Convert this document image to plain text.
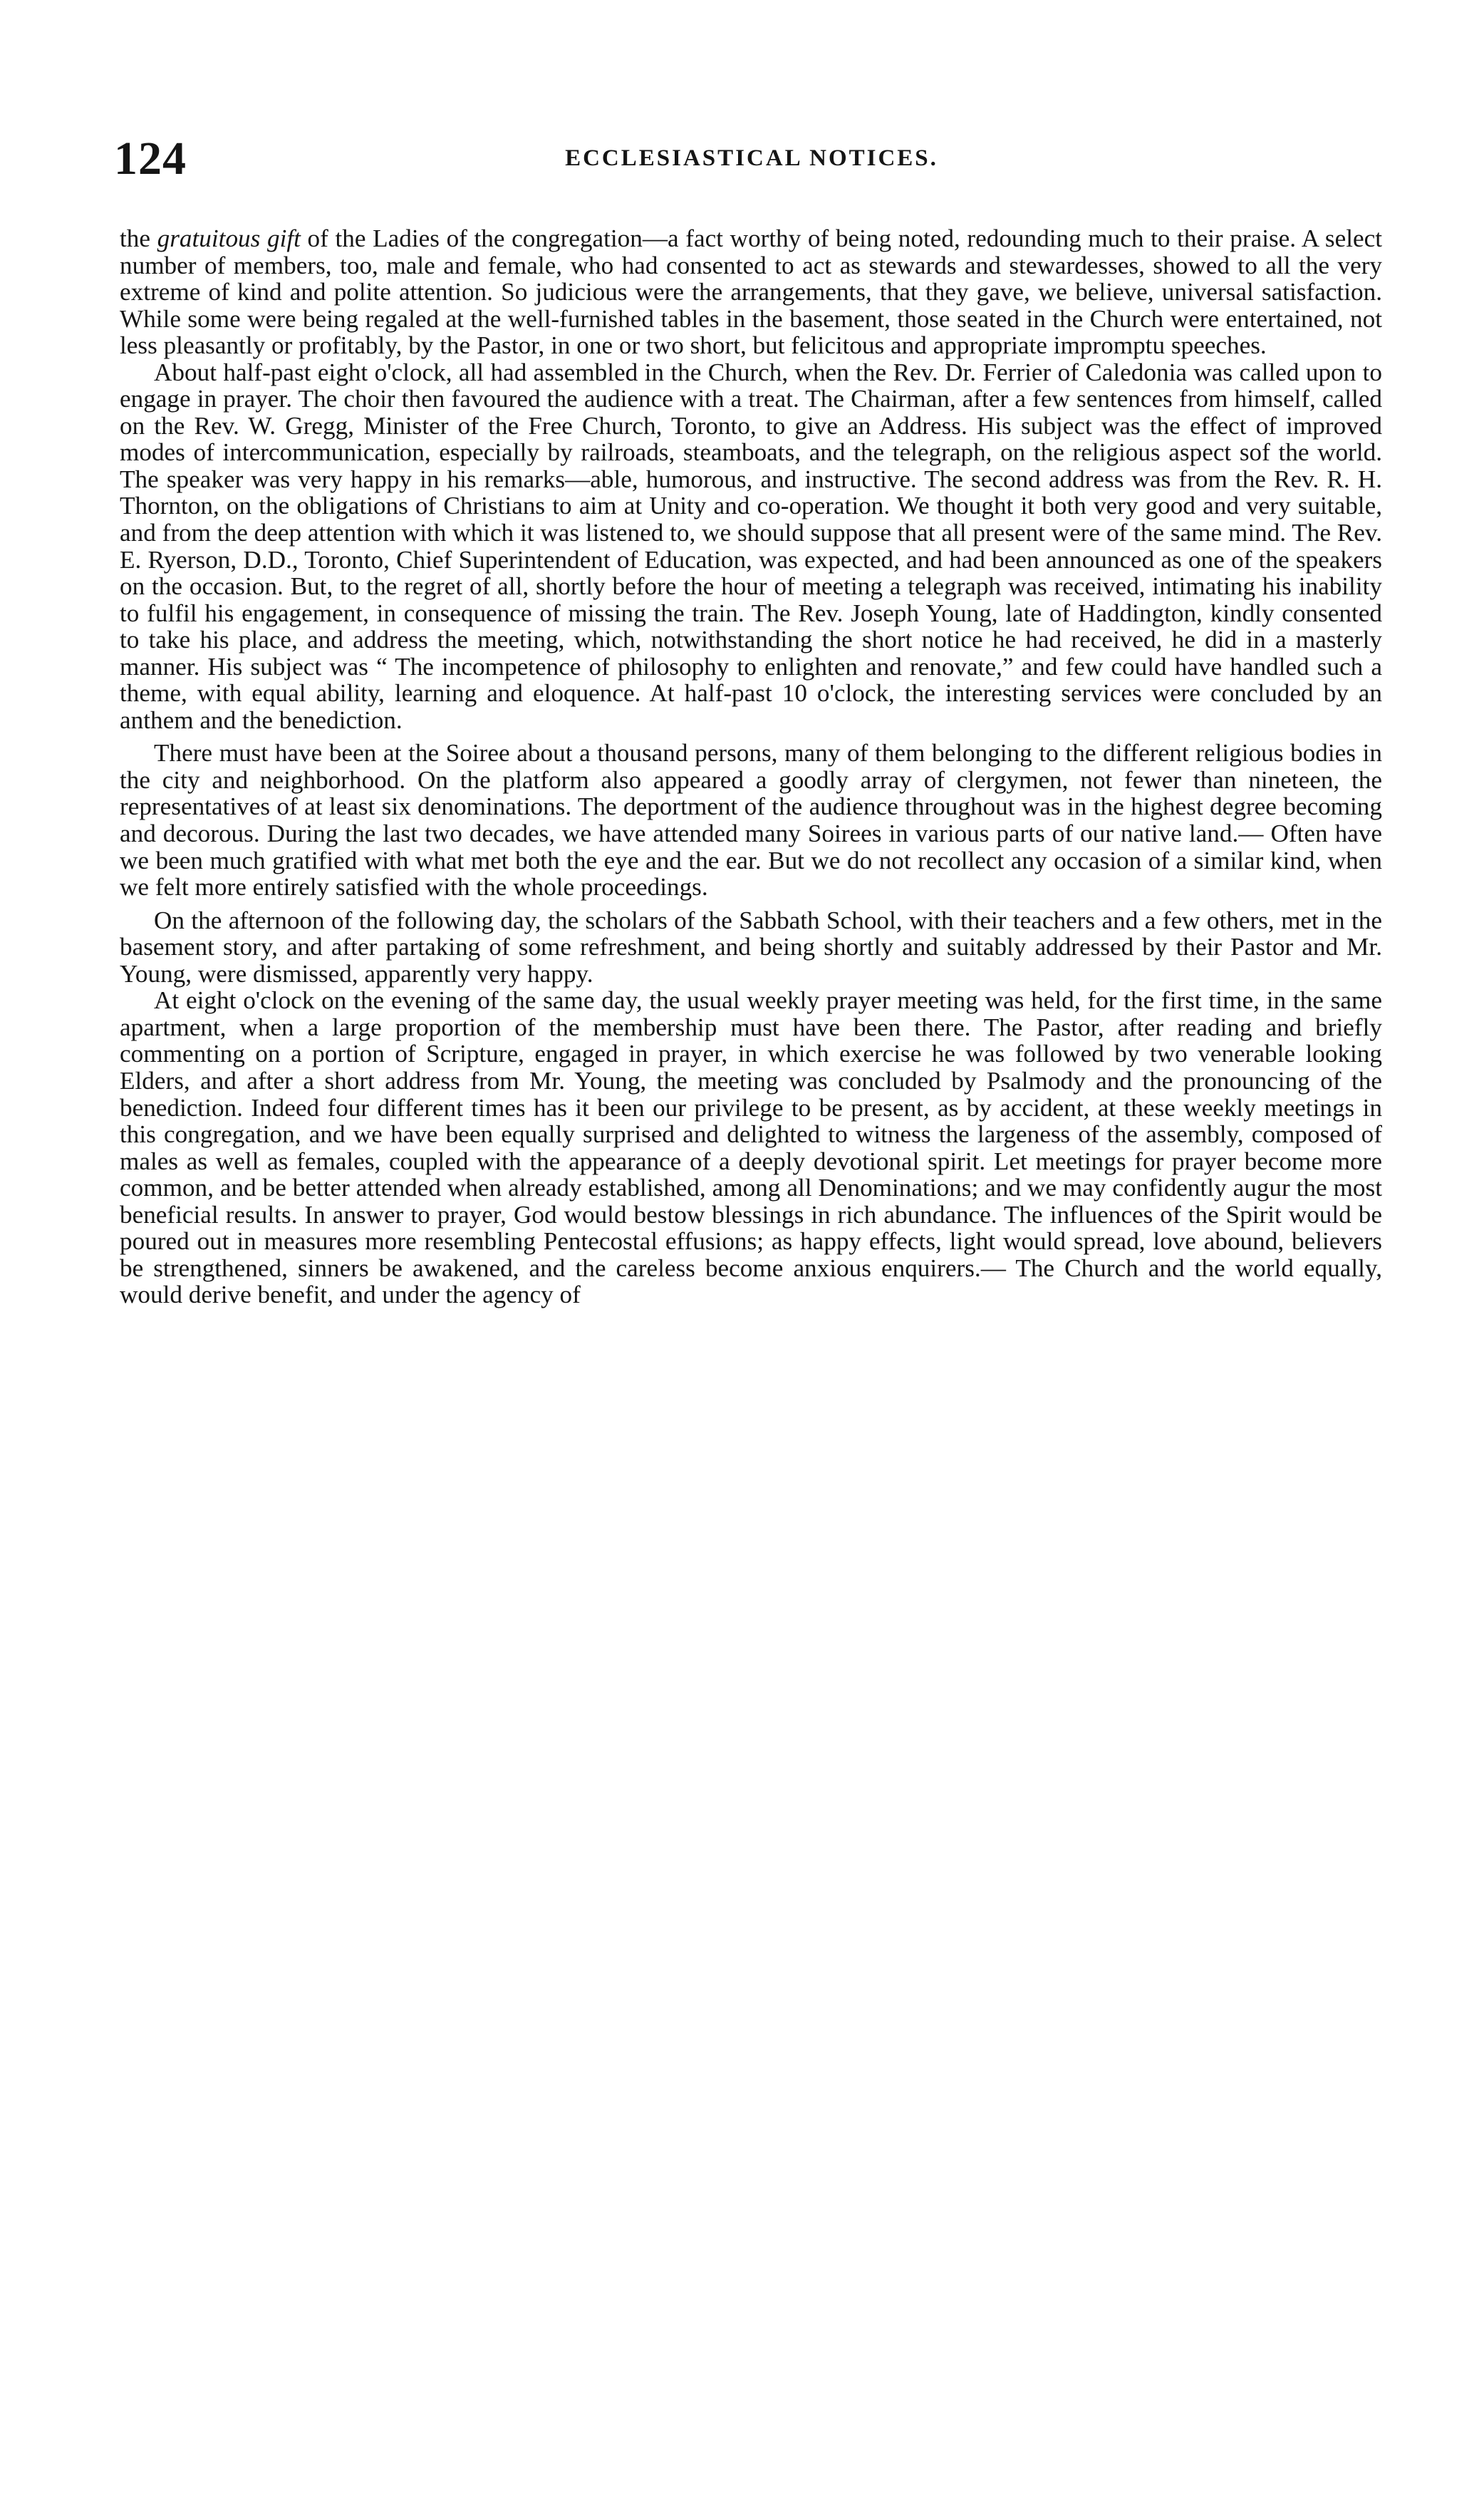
124	ECCLESIASTICAL NOTICES.

the gratuitous gift of the Ladies of the congregation—a fact worthy of being noted, redounding much to their praise. A select number of members, too, male and female, who had consented to act as stewards and stewardesses, showed to all the very extreme of kind and polite attention. So judicious were the arrangements, that they gave, we believe, universal satisfaction. While some were being regaled at the well-furnished tables in the basement, those seated in the Church were entertained, not less pleasantly or profitably, by the Pastor, in one or two short, but felicitous and appropriate impromptu speeches.

About half-past eight o'clock, all had assembled in the Church, when the Rev. Dr. Ferrier of Caledonia was called upon to engage in prayer. The choir then favoured the audience with a treat. The Chairman, after a few sentences from himself, called on the Rev. W. Gregg, Minister of the Free Church, Toronto, to give an Address. His subject was the effect of improved modes of intercommunication, especially by railroads, steamboats, and the telegraph, on the religious aspect sof the world. The speaker was very happy in his remarks—able, humorous, and instructive. The second address was from the Rev. R. H. Thornton, on the obligations of Christians to aim at Unity and co-operation. We thought it both very good and very suitable, and from the deep attention with which it was listened to, we should suppose that all present were of the same mind. The Rev. E. Ryerson, D.D., Toronto, Chief Superintendent of Education, was expected, and had been announced as one of the speakers on the occasion. But, to the regret of all, shortly before the hour of meeting a telegraph was received, intimating his inability to fulfil his engagement, in consequence of missing the train. The Rev. Joseph Young, late of Haddington, kindly consented to take his place, and address the meeting, which, notwithstanding the short notice he had received, he did in a masterly manner. His subject was “ The incompetence of philosophy to enlighten and renovate,” and few could have handled such a theme, with equal ability, learning and eloquence. At half-past 10 o'clock, the interesting services were concluded by an anthem and the benediction.

There must have been at the Soiree about a thousand persons, many of them belonging to the different religious bodies in the city and neighborhood. On the platform also appeared a goodly array of clergymen, not fewer than nineteen, the representatives of at least six denominations. The deportment of the audience throughout was in the highest degree becoming and decorous. During the last two decades, we have attended many Soirees in various parts of our native land.— Often have we been much gratified with what met both the eye and the ear. But we do not recollect any occasion of a similar kind, when we felt more entirely satisfied with the whole proceedings.

On the afternoon of the following day, the scholars of the Sabbath School, with their teachers and a few others, met in the basement story, and after partaking of some refreshment, and being shortly and suitably addressed by their Pastor and Mr. Young, were dismissed, apparently very happy.

At eight o'clock on the evening of the same day, the usual weekly prayer meeting was held, for the first time, in the same apartment, when a large proportion of the membership must have been there. The Pastor, after reading and briefly commenting on a portion of Scripture, engaged in prayer, in which exercise he was followed by two venerable looking Elders, and after a short address from Mr. Young, the meeting was concluded by Psalmody and the pronouncing of the benediction. Indeed four different times has it been our privilege to be present, as by accident, at these weekly meetings in this congregation, and we have been equally surprised and delighted to witness the largeness of the assembly, composed of males as well as females, coupled with the appearance of a deeply devotional spirit. Let meetings for prayer become more common, and be better attended when already established, among all Denominations; and we may confidently augur the most beneficial results. In answer to prayer, God would bestow blessings in rich abundance. The influences of the Spirit would be poured out in measures more resembling Pentecostal effusions; as happy effects, light would spread, love abound, believers be strengthened, sinners be awakened, and the careless become anxious enquirers.— The Church and the world equally, would derive benefit, and under the agency of
